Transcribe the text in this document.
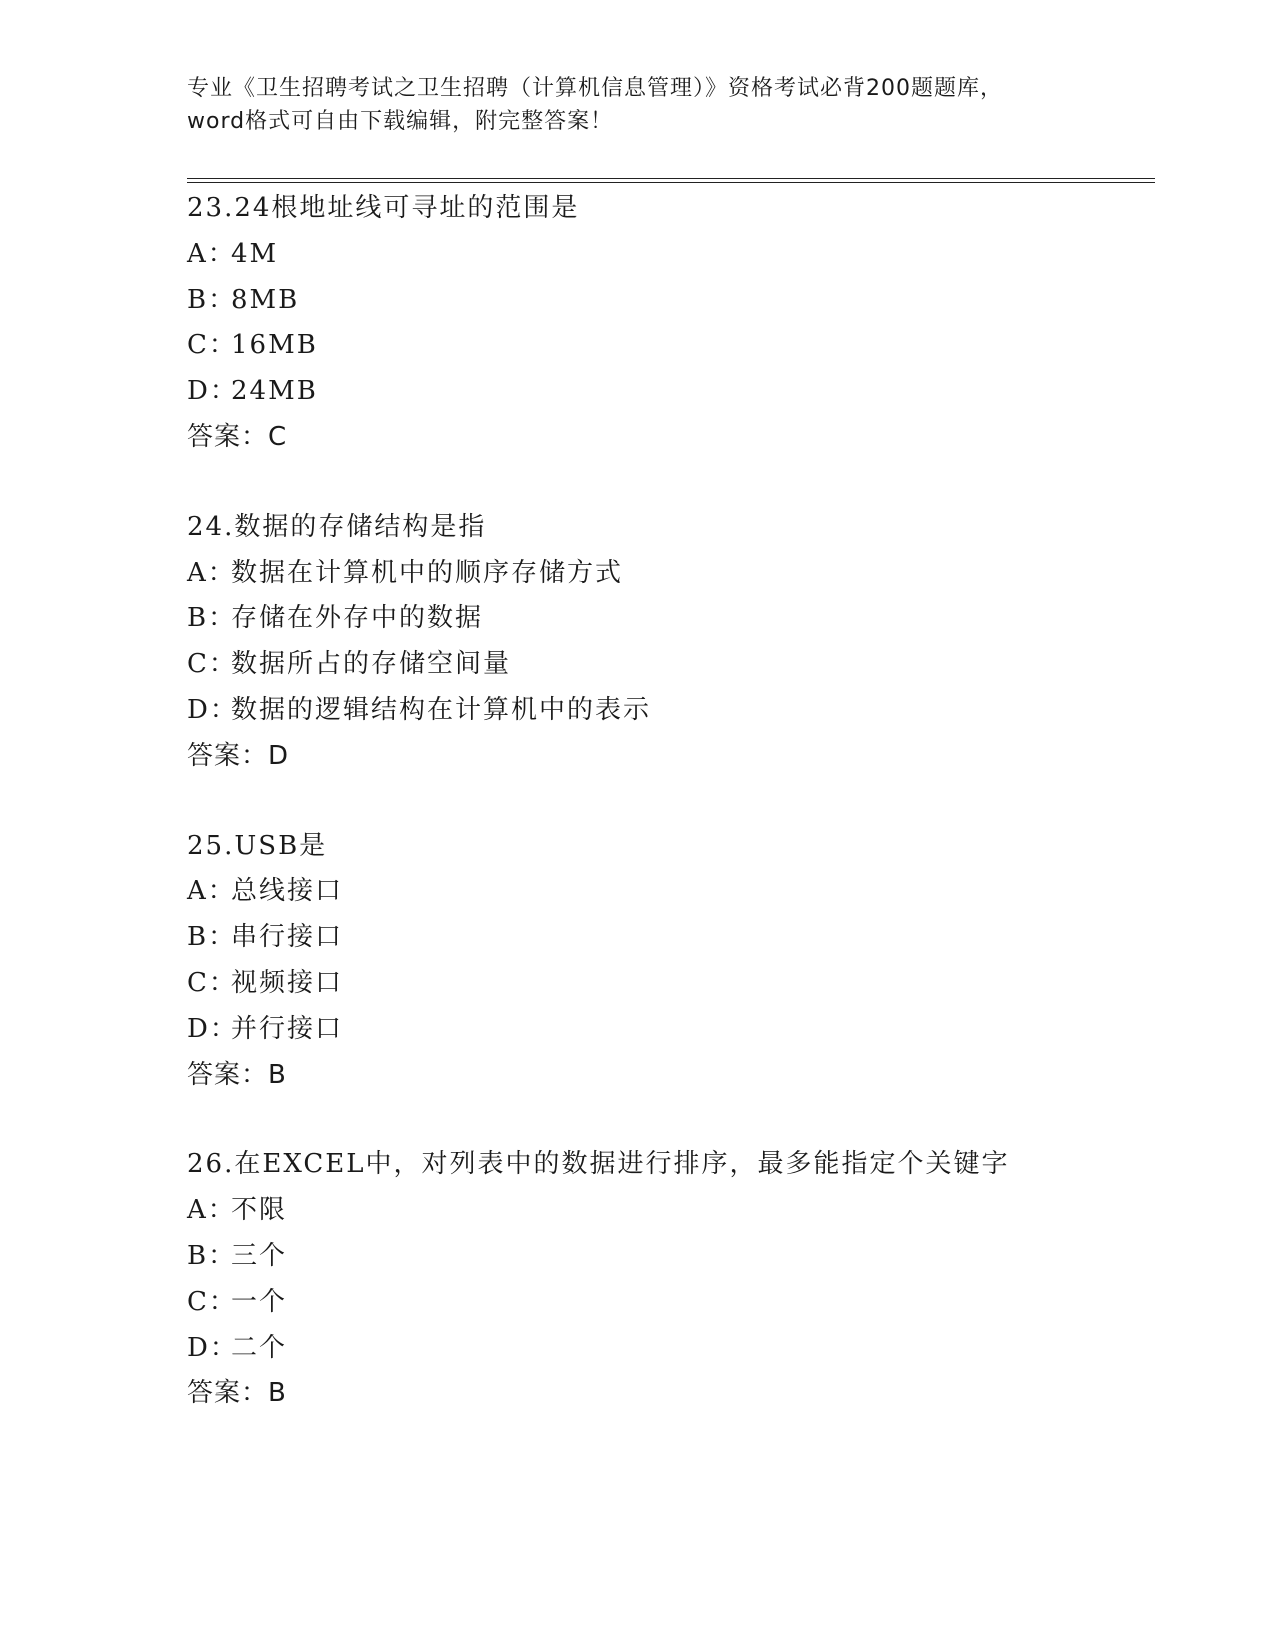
专业《卫生招聘考试之卫生招聘（计算机信息管理）》资格考试必背200题题库，
word格式可自由下载编辑，附完整答案！
23.24根地址线可寻址的范围是
A：4M
B：8MB
C：16MB
D：24MB
答案：C
24.数据的存储结构是指
A：数据在计算机中的顺序存储方式
B：存储在外存中的数据
C：数据所占的存储空间量
D：数据的逻辑结构在计算机中的表示
答案：D
25.USB是
A：总线接口
B：串行接口
C：视频接口
D：并行接口
答案：B
26.在EXCEL中，对列表中的数据进行排序，最多能指定个关键字
A：不限
B：三个
C：一个
D：二个
答案：B
